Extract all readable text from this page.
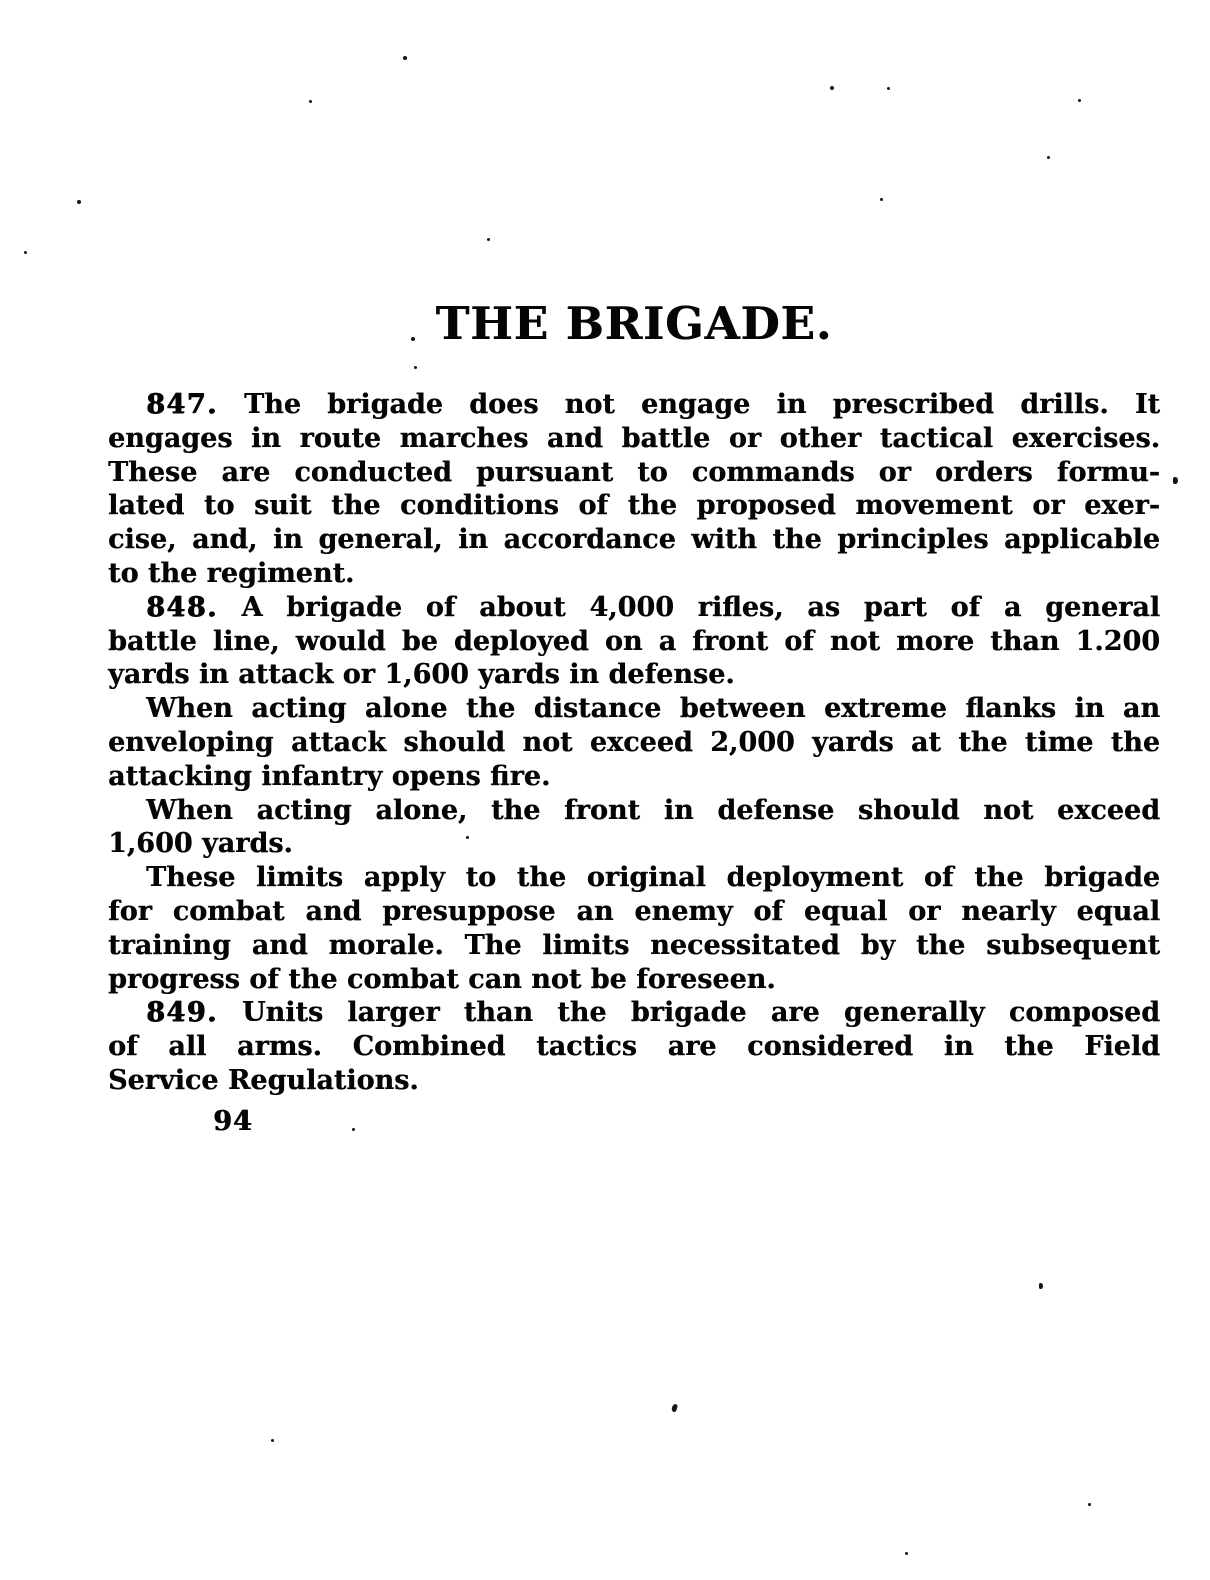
THE BRIGADE.
847. The brigade does not engage in prescribed drills. It
engages in route marches and battle or other tactical exercises.
These are conducted pursuant to commands or orders formu-
lated to suit the conditions of the proposed movement or exer-
cise, and, in general, in accordance with the principles applicable
to the regiment.
848. A brigade of about 4,000 rifles, as part of a general
battle line, would be deployed on a front of not more than 1.200
yards in attack or 1,600 yards in defense.
When acting alone the distance between extreme flanks in an
enveloping attack should not exceed 2,000 yards at the time the
attacking infantry opens fire.
When acting alone, the front in defense should not exceed
1,600 yards.
These limits apply to the original deployment of the brigade
for combat and presuppose an enemy of equal or nearly equal
training and morale. The limits necessitated by the subsequent
progress of the combat can not be foreseen.
849. Units larger than the brigade are generally composed
of all arms. Combined tactics are considered in the Field
Service Regulations.
94
